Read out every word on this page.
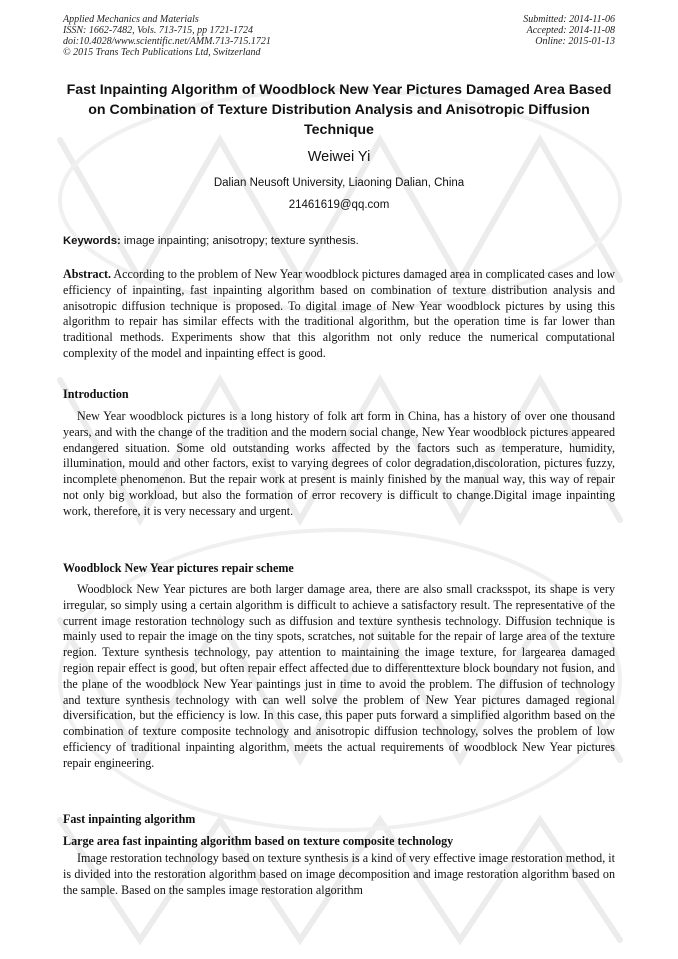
Applied Mechanics and Materials
ISSN: 1662-7482, Vols. 713-715, pp 1721-1724
doi:10.4028/www.scientific.net/AMM.713-715.1721
© 2015 Trans Tech Publications Ltd, Switzerland
Submitted: 2014-11-06
Accepted: 2014-11-08
Online: 2015-01-13
Fast Inpainting Algorithm of Woodblock New Year Pictures Damaged Area Based on Combination of Texture Distribution Analysis and Anisotropic Diffusion Technique
Weiwei Yi
Dalian Neusoft University, Liaoning Dalian, China
21461619@qq.com
Keywords: image inpainting; anisotropy; texture synthesis.
Abstract. According to the problem of New Year woodblock pictures damaged area in complicated cases and low efficiency of inpainting, fast inpainting algorithm based on combination of texture distribution analysis and anisotropic diffusion technique is proposed. To digital image of New Year woodblock pictures by using this algorithm to repair has similar effects with the traditional algorithm, but the operation time is far lower than traditional methods. Experiments show that this algorithm not only reduce the numerical computational complexity of the model and inpainting effect is good.
Introduction
New Year woodblock pictures is a long history of folk art form in China, has a history of over one thousand years, and with the change of the tradition and the modern social change, New Year woodblock pictures appeared endangered situation. Some old outstanding works affected by the factors such as temperature, humidity, illumination, mould and other factors, exist to varying degrees of color degradation,discoloration, pictures fuzzy, incomplete phenomenon. But the repair work at present is mainly finished by the manual way, this way of repair not only big workload, but also the formation of error recovery is difficult to change.Digital image inpainting work, therefore, it is very necessary and urgent.
Woodblock New Year pictures repair scheme
Woodblock New Year pictures are both larger damage area, there are also small cracksspot, its shape is very irregular, so simply using a certain algorithm is difficult to achieve a satisfactory result. The representative of the current image restoration technology such as diffusion and texture synthesis technology. Diffusion technique is mainly used to repair the image on the tiny spots, scratches, not suitable for the repair of large area of the texture region. Texture synthesis technology, pay attention to maintaining the image texture, for largearea damaged region repair effect is good, but often repair effect affected due to differenttexture block boundary not fusion, and the plane of the woodblock New Year paintings just in time to avoid the problem. The diffusion of technology and texture synthesis technology with can well solve the problem of New Year pictures damaged regional diversification, but the efficiency is low. In this case, this paper puts forward a simplified algorithm based on the combination of texture composite technology and anisotropic diffusion technology, solves the problem of low efficiency of traditional inpainting algorithm, meets the actual requirements of woodblock New Year pictures repair engineering.
Fast inpainting algorithm
Large area fast inpainting algorithm based on texture composite technology
Image restoration technology based on texture synthesis is a kind of very effective image restoration method, it is divided into the restoration algorithm based on image decomposition and image restoration algorithm based on the sample. Based on the samples image restoration algorithm
